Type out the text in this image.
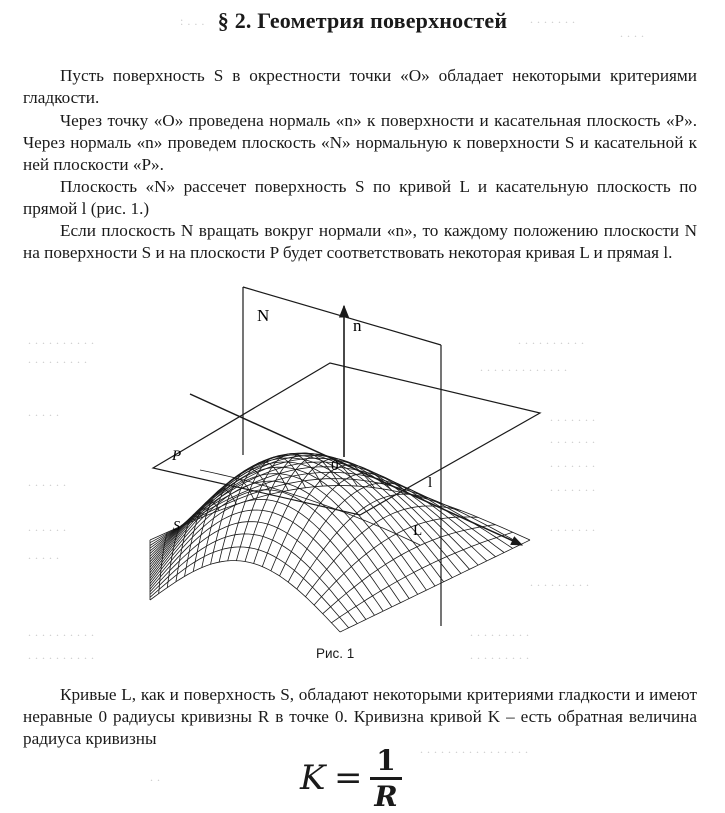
: . . .	. . . . . . .
. . . .
. . . . . . . . . .
. . . . . . . . .
. . . . .
. . . . . .
. . . . . .
. . . . .
. . . . . . . . . .
. . . . . . . . . .
. . . . . . . . . .
. . . . . . . . . . . . .
. . . . . . .
. . . . . . .
. . . . . . .
. . . . . . .
. . . . . . .
. . . . . . . . .
. . . . . . . . .
. . . . . . . . .
. . . . . . . . . . . . . . . .
. .
§ 2. Геометрия поверхностей

Пусть поверхность S в окрестности точки «O» обладает некоторыми критериями гладкости.

Через точку «O» проведена нормаль «n» к поверхности и касательная плоскость «P». Через нормаль «n» проведем плоскость «N» нормальную к поверхности S и касательной к ней плоскости «P».

Плоскость «N» рассечет поверхность S по кривой L и касательную плоскость по прямой l (рис. 1.)

Если плоскость N вращать вокруг нормали «n», то каждому положению плоскости N на поверхности S и на плоскости P будет соответствовать некоторая кривая L и прямая l.

N
n
P
0
l
L
S
Рис. 1

Кривые L, как и поверхность S, обладают некоторыми критериями гладкости и имеют неравные 0 радиусы кривизны R в точке 0. Кривизна кривой K – есть обратная величина радиуса кривизны

K = 1
R
